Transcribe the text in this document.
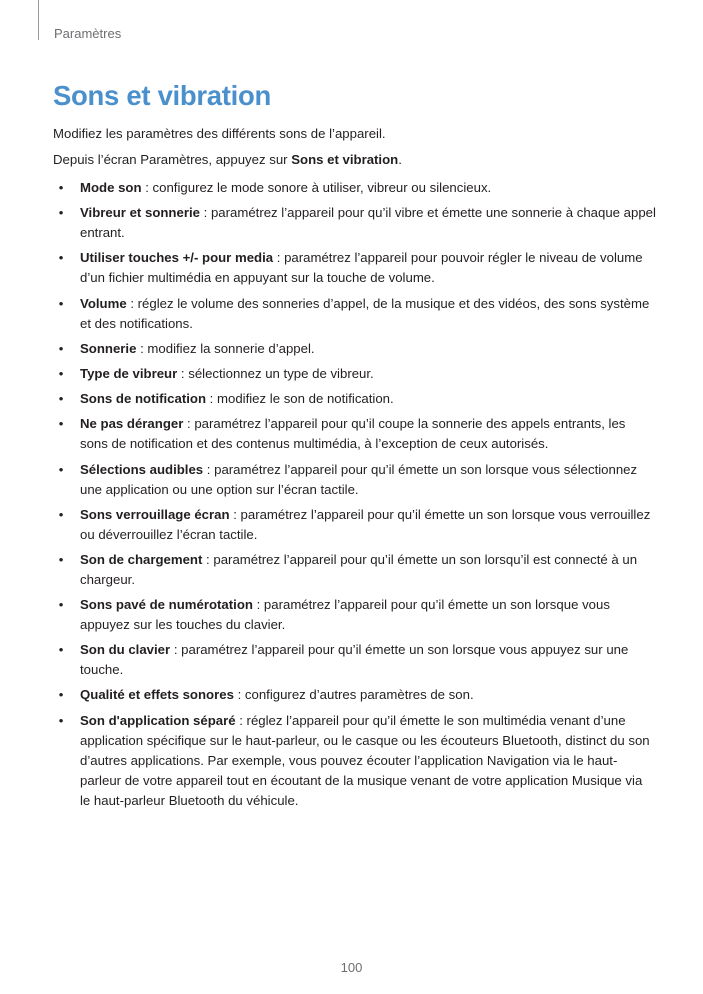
Paramètres
Sons et vibration

Modifiez les paramètres des différents sons de l’appareil.

Depuis l’écran Paramètres, appuyez sur Sons et vibration.

• Mode son : configurez le mode sonore à utiliser, vibreur ou silencieux.
• Vibreur et sonnerie : paramétrez l’appareil pour qu’il vibre et émette une sonnerie à chaque appel entrant.
• Utiliser touches +/- pour media : paramétrez l’appareil pour pouvoir régler le niveau de volume d’un fichier multimédia en appuyant sur la touche de volume.
• Volume : réglez le volume des sonneries d’appel, de la musique et des vidéos, des sons système et des notifications.
• Sonnerie : modifiez la sonnerie d’appel.
• Type de vibreur : sélectionnez un type de vibreur.
• Sons de notification : modifiez le son de notification.
• Ne pas déranger : paramétrez l’appareil pour qu’il coupe la sonnerie des appels entrants, les sons de notification et des contenus multimédia, à l’exception de ceux autorisés.
• Sélections audibles : paramétrez l’appareil pour qu’il émette un son lorsque vous sélectionnez une application ou une option sur l’écran tactile.
• Sons verrouillage écran : paramétrez l’appareil pour qu’il émette un son lorsque vous verrouillez ou déverrouillez l’écran tactile.
• Son de chargement : paramétrez l’appareil pour qu’il émette un son lorsqu’il est connecté à un chargeur.
• Sons pavé de numérotation : paramétrez l’appareil pour qu’il émette un son lorsque vous appuyez sur les touches du clavier.
• Son du clavier : paramétrez l’appareil pour qu’il émette un son lorsque vous appuyez sur une touche.
• Qualité et effets sonores : configurez d’autres paramètres de son.
• Son d'application séparé : réglez l’appareil pour qu’il émette le son multimédia venant d’une application spécifique sur le haut-parleur, ou le casque ou les écouteurs Bluetooth, distinct du son d’autres applications. Par exemple, vous pouvez écouter l’application Navigation via le haut-parleur de votre appareil tout en écoutant de la musique venant de votre application Musique via le haut-parleur Bluetooth du véhicule.
100
